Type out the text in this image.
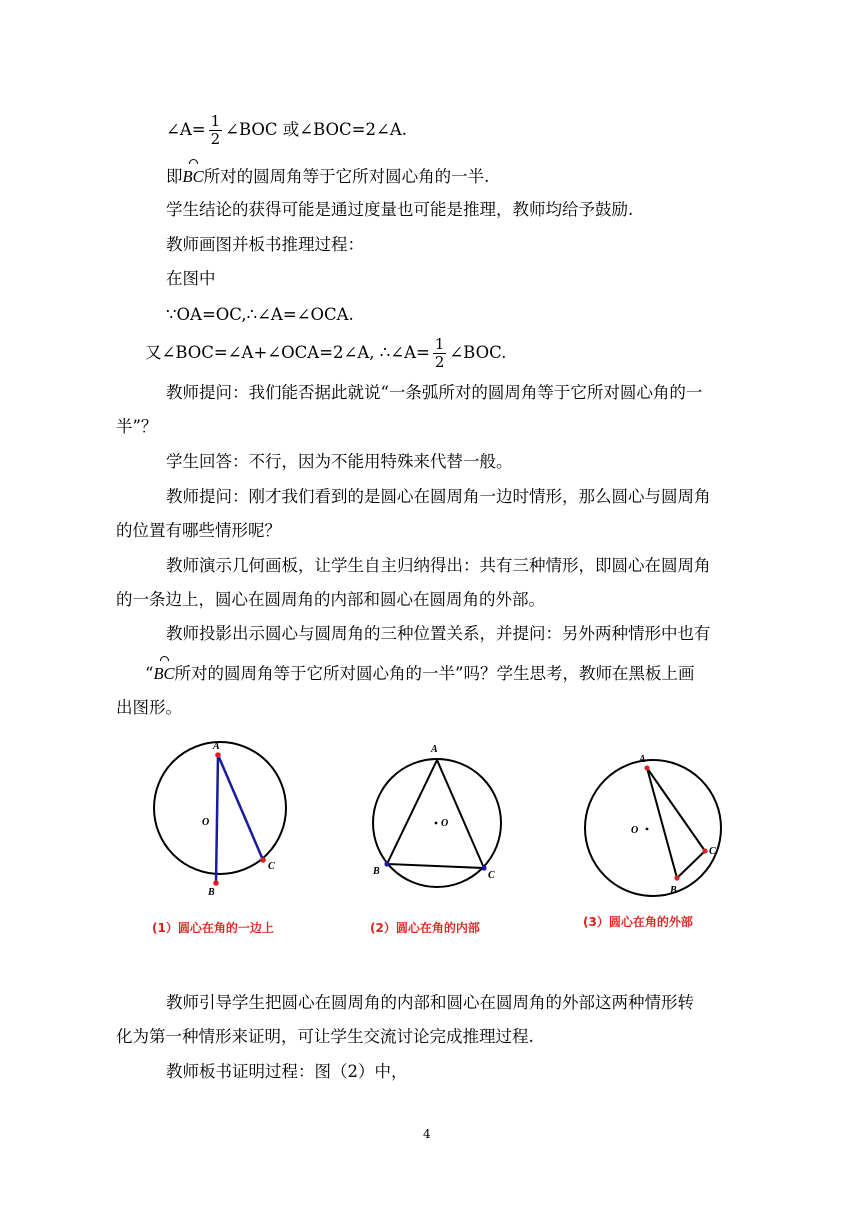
∠A= $\frac{1}{2}$ ∠BOC 或∠BOC=2∠A.
即BC所对的圆周角等于它所对圆心角的一半.
学生结论的获得可能是通过度量也可能是推理，教师均给予鼓励.
教师画图并板书推理过程：
在图中
∵OA=OC,∴∠A=∠OCA.
又∠BOC=∠A+∠OCA=2∠A, ∴∠A= $\frac{1}{2}$ ∠BOC.
教师提问：我们能否据此就说“一条弧所对的圆周角等于它所对圆心角的一
半”？
学生回答：不行，因为不能用特殊来代替一般。
教师提问：刚才我们看到的是圆心在圆周角一边时情形，那么圆心与圆周角
的位置有哪些情形呢？
教师演示几何画板，让学生自主归纳得出：共有三种情形，即圆心在圆周角
的一条边上，圆心在圆周角的内部和圆心在圆周角的外部。
教师投影出示圆心与圆周角的三种位置关系，并提问：另外两种情形中也有
“BC所对的圆周角等于它所对圆心角的一半”吗？学生思考，教师在黑板上画
出图形。
A
O
B
C
A
O
B	C
A
O
B
C
(1）圆心在角的一边上	(2）圆心在角的内部	(3）圆心在角的外部
教师引导学生把圆心在圆周角的内部和圆心在圆周角的外部这两种情形转
化为第一种情形来证明，可让学生交流讨论完成推理过程.
教师板书证明过程：图（2）中，
4
